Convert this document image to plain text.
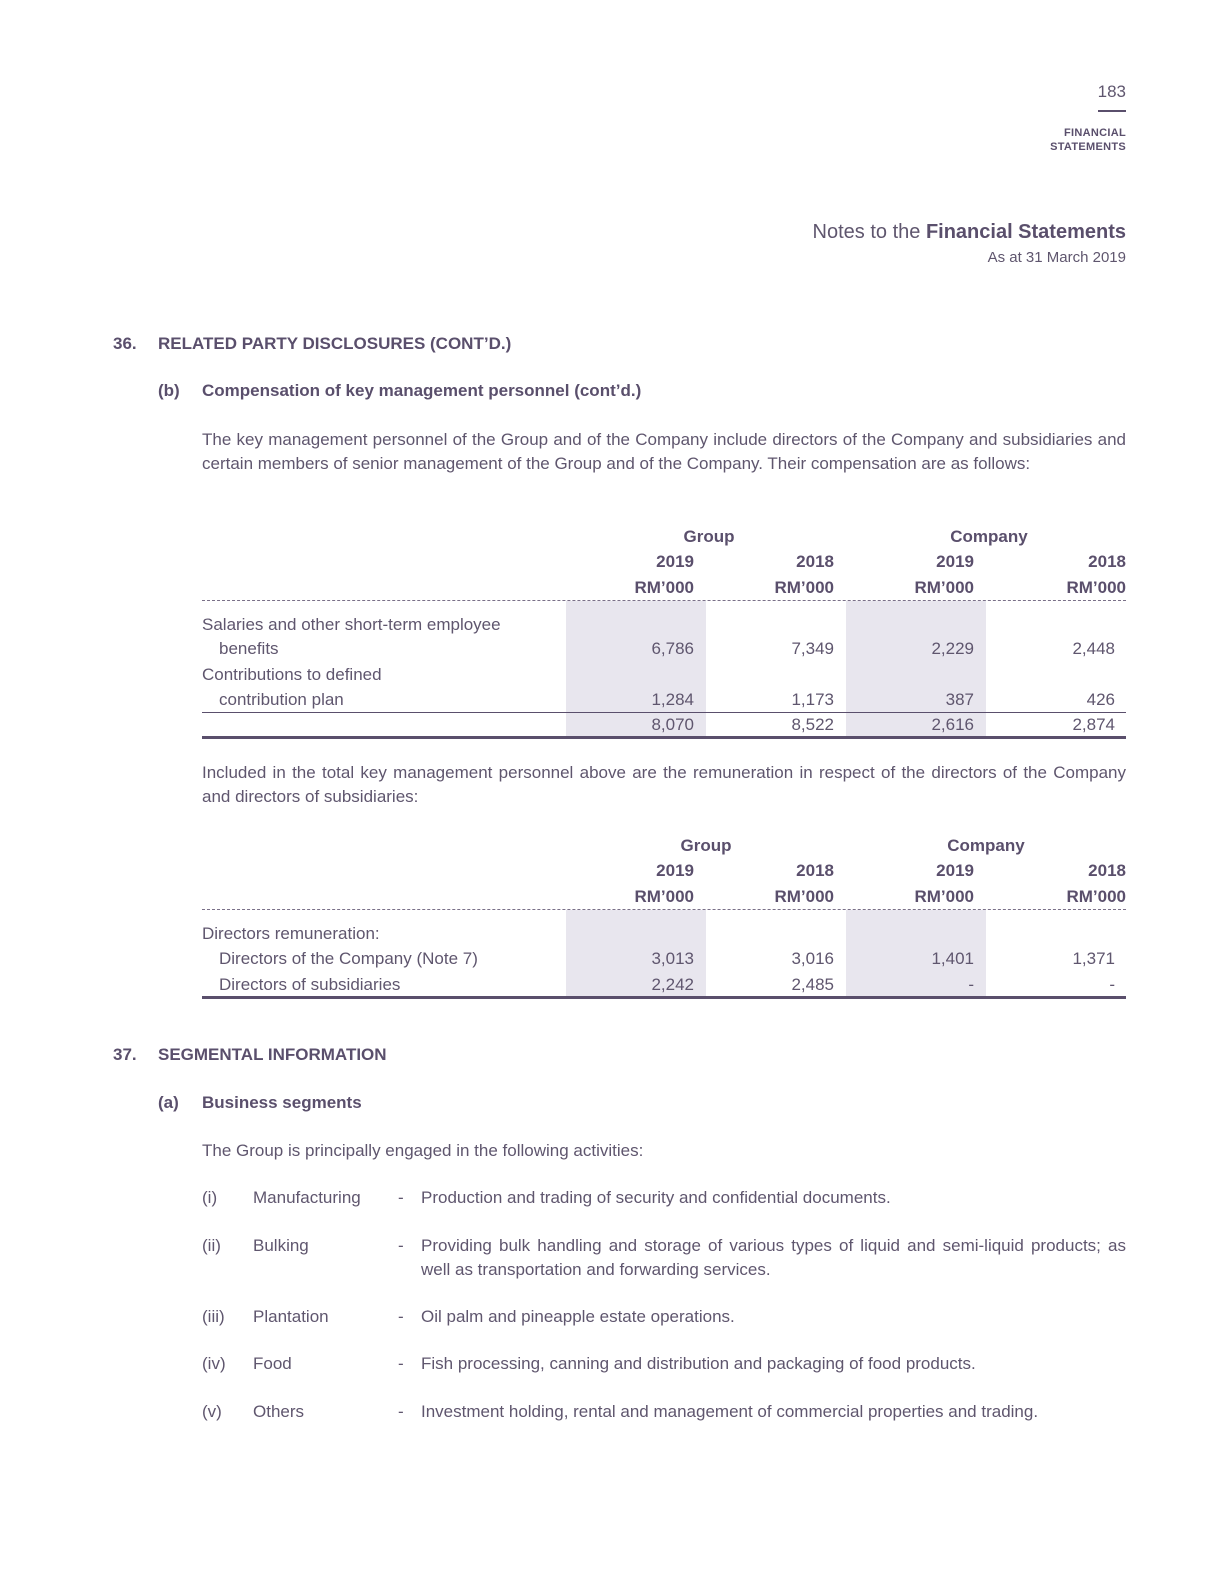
183
FINANCIAL
STATEMENTS
Notes to the Financial Statements
As at 31 March 2019
36. RELATED PARTY DISCLOSURES (CONT’D.)
(b) Compensation of key management personnel (cont’d.)
The key management personnel of the Group and of the Company include directors of the Company and subsidiaries and certain members of senior management of the Group and of the Company. Their compensation are as follows:
Group	Company
2019	2018	2019	2018
RM’000	RM’000	RM’000	RM’000
Salaries and other short-term employee
benefits	6,786	7,349	2,229	2,448
Contributions to defined
contribution plan	1,284	1,173	387	426
8,070	8,522	2,616	2,874
Included in the total key management personnel above are the remuneration in respect of the directors of the Company and directors of subsidiaries:
Group	Company
2019	2018	2019	2018
RM’000	RM’000	RM’000	RM’000
Directors remuneration:
Directors of the Company (Note 7)	3,013	3,016	1,401	1,371
Directors of subsidiaries	2,242	2,485	-	-
37. SEGMENTAL INFORMATION
(a) Business segments
The Group is principally engaged in the following activities:
(i) Manufacturing - Production and trading of security and confidential documents.
(ii) Bulking	- Providing bulk handling and storage of various types of liquid and semi-liquid products; as well as transportation and forwarding services.
(iii) Plantation	- Oil palm and pineapple estate operations.
(iv) Food	- Fish processing, canning and distribution and packaging of food products.
(v) Others	- Investment holding, rental and management of commercial properties and trading.
